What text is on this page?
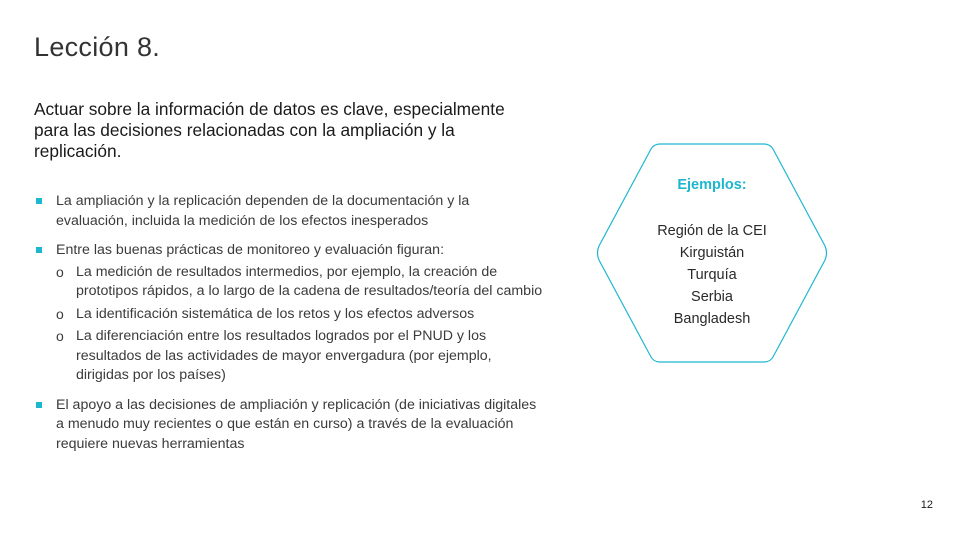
Lección 8.
Actuar sobre la información de datos es clave, especialmente para las decisiones relacionadas con la ampliación y la replicación.
La ampliación y la replicación dependen de la documentación y la evaluación, incluida la medición de los efectos inesperados
Entre las buenas prácticas de monitoreo y evaluación figuran:
o La medición de resultados intermedios, por ejemplo, la creación de prototipos rápidos, a lo largo de la cadena de resultados/teoría del cambio
o La identificación sistemática de los retos y los efectos adversos
o La diferenciación entre los resultados logrados por el PNUD y los resultados de las actividades de mayor envergadura (por ejemplo, dirigidas por los países)
El apoyo a las decisiones de ampliación y replicación (de iniciativas digitales a menudo muy recientes o que están en curso) a través de la evaluación requiere nuevas herramientas
Ejemplos:
Región de la CEI
Kirguistán
Turquía
Serbia
Bangladesh
12
